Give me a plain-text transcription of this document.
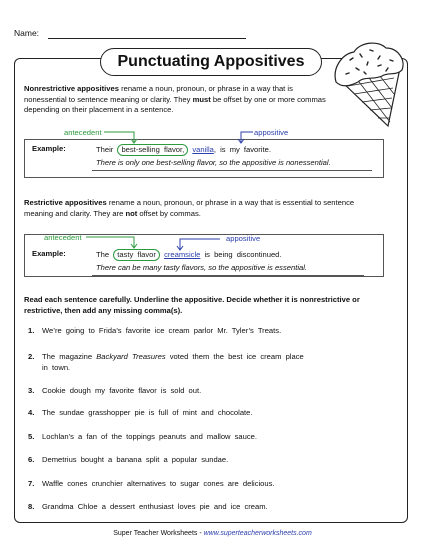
Name:
Punctuating Appositives
Nonrestrictive appositives rename a noun, pronoun, or phrase in a way that is nonessential to sentence meaning or clarity. They must be offset by one or more commas depending on their placement in a sentence.
antecedent	appositive
Example:	Their best-selling flavor, vanilla, is my favorite.
There is only one best-selling flavor, so the appositive is nonessential.
Restrictive appositives rename a noun, pronoun, or phrase in a way that is essential to sentence meaning and clarity. They are not offset by commas.
antecedent	appositive
Example:	The tasty flavor creamsicle is being discontinued.
There can be many tasty flavors, so the appositive is essential.
Read each sentence carefully. Underline the appositive. Decide whether it is nonrestrictive or restrictive, then add any missing comma(s).
1. We’re going to Frida’s favorite ice cream parlor Mr. Tyler’s Treats.
2. The magazine Backyard Treasures voted them the best ice cream place
in town.
3. Cookie dough my favorite flavor is sold out.
4. The sundae grasshopper pie is full of mint and chocolate.
5. Lochlan’s a fan of the toppings peanuts and mallow sauce.
6. Demetrius bought a banana split a popular sundae.
7. Waffle cones crunchier alternatives to sugar cones are delicious.
8. Grandma Chloe a dessert enthusiast loves pie and ice cream.
Super Teacher Worksheets - www.superteacherworksheets.com
